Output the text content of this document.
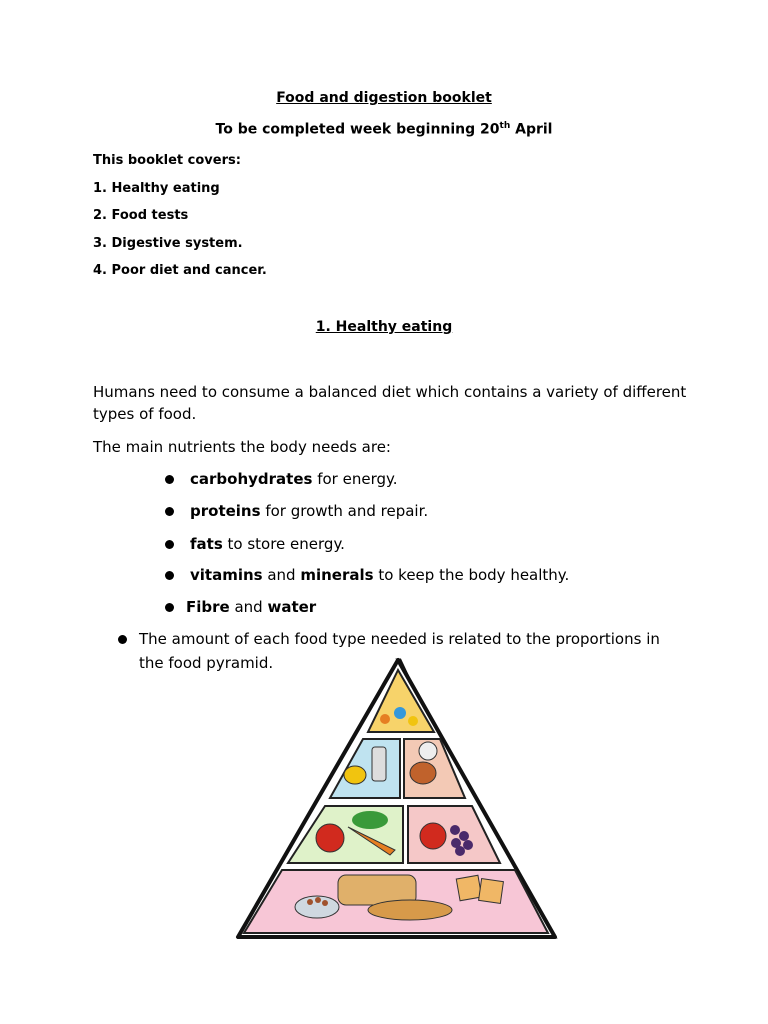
Food and digestion booklet
To be completed week beginning 20th April
This booklet covers:
1. Healthy eating
2. Food tests
3. Digestive system.
4. Poor diet and cancer.
1. Healthy eating
Humans need to consume a balanced diet which contains a variety of different
types of food.
The main nutrients the body needs are:
carbohydrates for energy.
proteins for growth and repair.
fats to store energy.
vitamins and minerals to keep the body healthy.
Fibre and water
The amount of each food type needed is related to the proportions in
the food pyramid.
